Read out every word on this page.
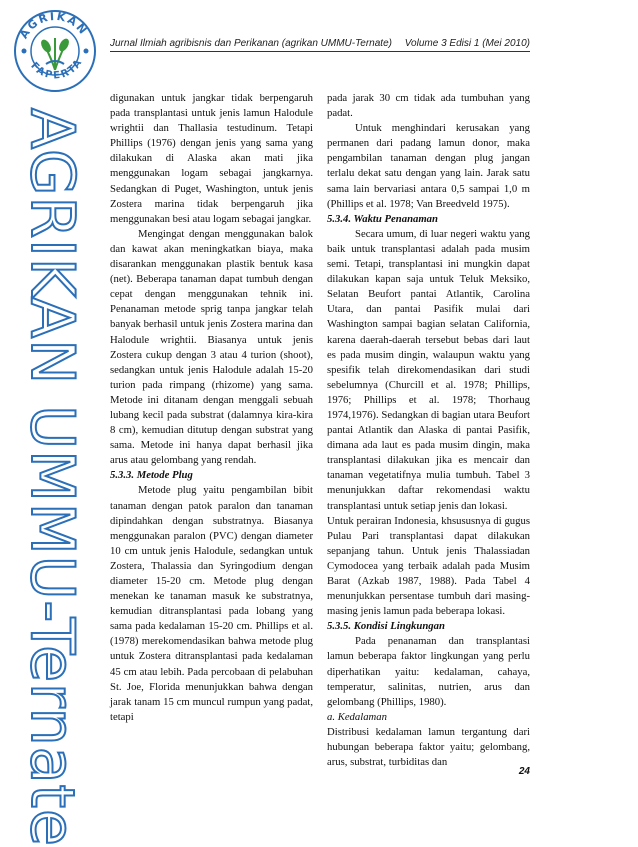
AGRIKAN
FAPERTA
AGRIKAN UMMU-Ternate
Jurnal Ilmiah agribisnis dan Perikanan (agrikan UMMU-Ternate) Volume 3 Edisi 1 (Mei 2010)

digunakan untuk jangkar tidak berpengaruh pada transplantasi untuk jenis lamun Halodule wrightii dan Thallasia testudinum. Tetapi Phillips (1976) dengan jenis yang sama yang dilakukan di Alaska akan mati jika menggunakan logam sebagai jangkarnya. Sedangkan di Puget, Washington, untuk jenis Zostera marina tidak berpengaruh jika menggunakan besi atau logam sebagai jangkar.

Mengingat dengan menggunakan balok dan kawat akan meningkatkan biaya, maka disarankan menggunakan plastik bentuk kasa (net). Beberapa tanaman dapat tumbuh dengan cepat dengan menggunakan tehnik ini. Penanaman metode sprig tanpa jangkar telah banyak berhasil untuk jenis Zostera marina dan Halodule wrightii. Biasanya untuk jenis Zostera cukup dengan 3 atau 4 turion (shoot), sedangkan untuk jenis Halodule adalah 15-20 turion pada rimpang (rhizome) yang sama. Metode ini ditanam dengan menggali sebuah lubang kecil pada substrat (dalamnya kira-kira 8 cm), kemudian ditutup dengan substrat yang sama. Metode ini hanya dapat berhasil jika arus atau gelombang yang rendah.

5.3.3. Metode Plug

Metode plug yaitu pengambilan bibit tanaman dengan patok paralon dan tanaman dipindahkan dengan substratnya. Biasanya menggunakan paralon (PVC) dengan diameter 10 cm untuk jenis Halodule, sedangkan untuk Zostera, Thalassia dan Syringodium dengan diameter 15-20 cm. Metode plug dengan menekan ke tanaman masuk ke substratnya, kemudian ditransplantasi pada lobang yang sama pada kedalaman 15-20 cm. Phillips et al. (1978) merekomendasikan bahwa metode plug untuk Zostera ditransplantasi pada kedalaman 45 cm atau lebih. Pada percobaan di pelabuhan St. Joe, Florida menunjukkan bahwa dengan jarak tanam 15 cm muncul rumpun yang padat, tetapi

pada jarak 30 cm tidak ada tumbuhan yang padat.

Untuk menghindari kerusakan yang permanen dari padang lamun donor, maka pengambilan tanaman dengan plug jangan terlalu dekat satu dengan yang lain. Jarak satu sama lain bervariasi antara 0,5 sampai 1,0 m (Phillips et al. 1978; Van Breedveld 1975).

5.3.4. Waktu Penanaman

Secara umum, di luar negeri waktu yang baik untuk transplantasi adalah pada musim semi. Tetapi, transplantasi ini mungkin dapat dilakukan kapan saja untuk Teluk Meksiko, Selatan Beufort pantai Atlantik, Carolina Utara, dan pantai Pasifik mulai dari Washington sampai bagian selatan California, karena daerah-daerah tersebut bebas dari laut es pada musim dingin, walaupun waktu yang spesifik telah direkomendasikan dari studi sebelumnya (Churcill et al. 1978; Phillips, 1976; Phillips et al. 1978; Thorhaug 1974,1976). Sedangkan di bagian utara Beufort pantai Atlantik dan Alaska di pantai Pasifik, dimana ada laut es pada musim dingin, maka transplantasi dilakukan jika es mencair dan tanaman vegetatifnya mulia tumbuh. Tabel 3 menunjukkan daftar rekomendasi waktu transplantasi untuk setiap jenis dan lokasi.

Untuk perairan Indonesia, khsususnya di gugus Pulau Pari transplantasi dapat dilakukan sepanjang tahun. Untuk jenis Thalassiadan Cymodocea yang terbaik adalah pada Musim Barat (Azkab 1987, 1988). Pada Tabel 4 menunjukkan persentase tumbuh dari masing-masing jenis lamun pada beberapa lokasi.

5.3.5. Kondisi Lingkungan

Pada penanaman dan transplantasi lamun beberapa faktor lingkungan yang perlu diperhatikan yaitu: kedalaman, cahaya, temperatur, salinitas, nutrien, arus dan gelombang (Phillips, 1980).

a. Kedalaman

Distribusi kedalaman lamun tergantung dari hubungan beberapa faktor yaitu; gelombang, arus, substrat, turbiditas dan

24
